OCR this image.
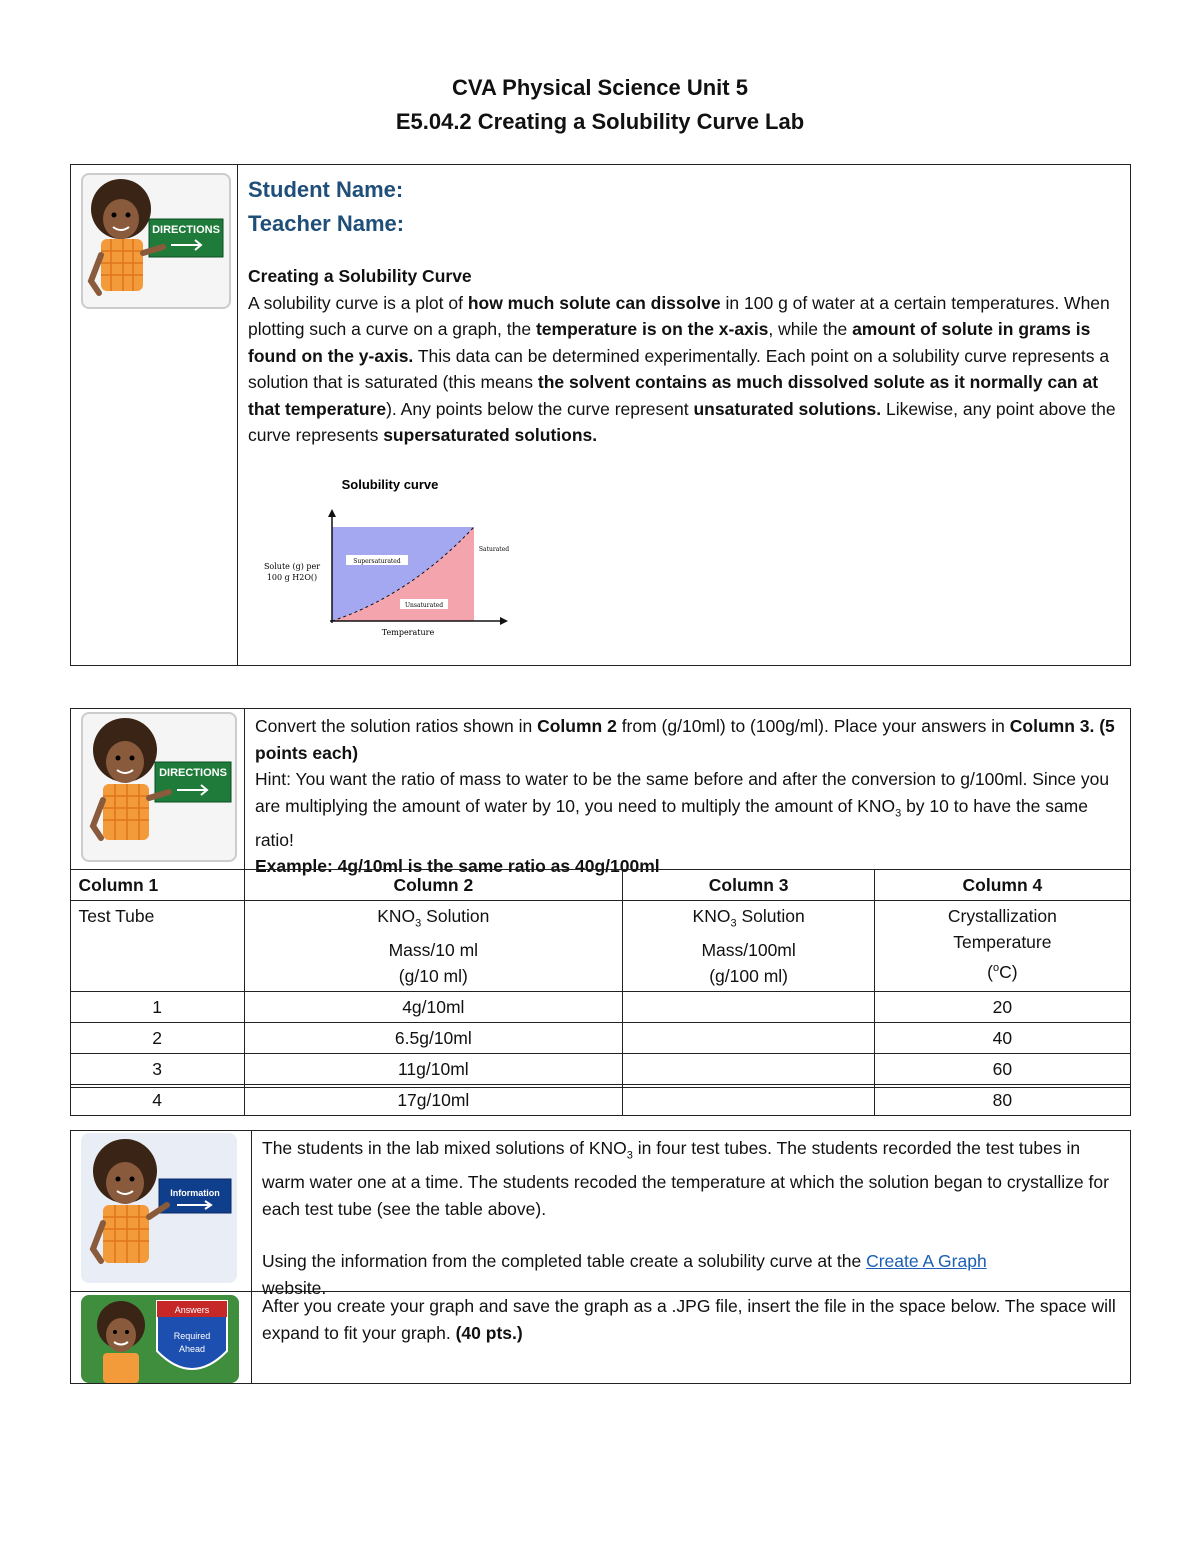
CVA Physical Science Unit 5
E5.04.2 Creating a Solubility Curve Lab
DIRECTIONS
Student Name:
Teacher Name:
Creating a Solubility Curve
A solubility curve is a plot of how much solute can dissolve in 100 g of water at a certain temperatures. When plotting such a curve on a graph, the temperature is on the x-axis, while the amount of solute in grams is found on the y-axis. This data can be determined experimentally. Each point on a solubility curve represents a solution that is saturated (this means the solvent contains as much dissolved solute as it normally can at that temperature). Any points below the curve represent unsaturated solutions. Likewise, any point above the curve represents supersaturated solutions.
Solubility curve
Supersaturated
Unsaturated
Saturated
Solute (g) per 100 g H2O()
Temperature
DIRECTIONS
Convert the solution ratios shown in Column 2 from (g/10ml) to (100g/ml). Place your answers in Column 3. (5 points each)
Hint: You want the ratio of mass to water to be the same before and after the conversion to g/100ml. Since you are multiplying the amount of water by 10, you need to multiply the amount of $KNO_3$ by 10 to have the same ratio!
Example: 4g/10ml is the same ratio as 40g/100ml
Column 1	Column 2	Column 3	Column 4
Test Tube	$KNO_3$ Solution
Mass/10 ml
(g/10 ml)	$KNO_3$ Solution
Mass/100ml
(g/100 ml)	Crystallization
Temperature
($^o$C)
1	4g/10ml		20
2	6.5g/10ml		40
3	11g/10ml		60
4	17g/10ml		80
Information
Answers
Required
Ahead
The students in the lab mixed solutions of $KNO_3$ in four test tubes. The students recorded the test tubes in warm water one at a time. The students recoded the temperature at which the solution began to crystallize for each test tube (see the table above).
Using the information from the completed table create a solubility curve at the Create A Graph
website.
After you create your graph and save the graph as a .JPG file, insert the file in the space below. The space will expand to fit your graph. (40 pts.)
